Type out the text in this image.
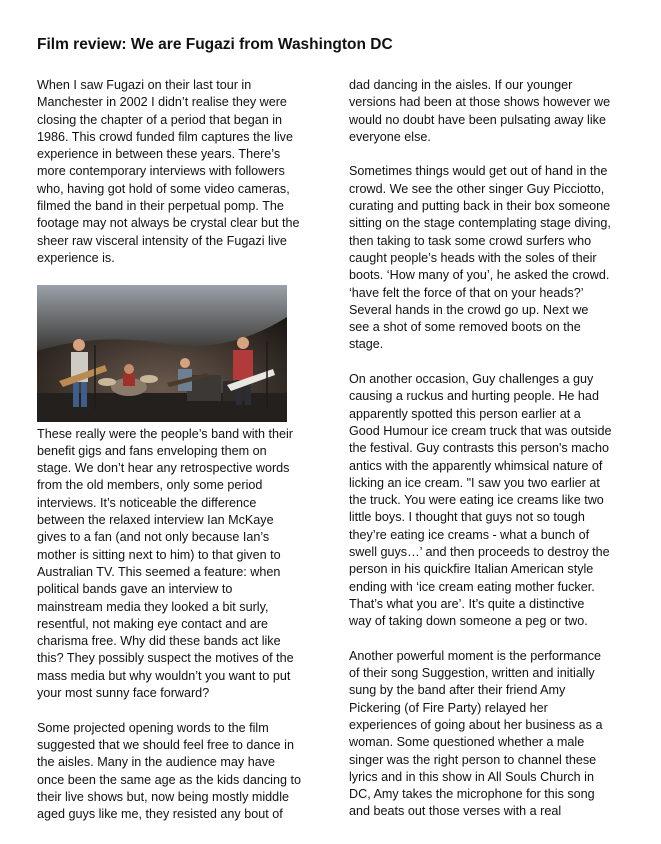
Film review: We are Fugazi from Washington DC

When I saw Fugazi on their last tour in
Manchester in 2002 I didn’t realise they were
closing the chapter of a period that began in
1986. This crowd funded film captures the live
experience in between these years. There’s
more contemporary interviews with followers
who, having got hold of some video cameras,
filmed the band in their perpetual pomp. The
footage may not always be crystal clear but the
sheer raw visceral intensity of the Fugazi live
experience is.

These really were the people’s band with their
benefit gigs and fans enveloping them on
stage. We don’t hear any retrospective words
from the old members, only some period
interviews. It’s noticeable the difference
between the relaxed interview Ian McKaye
gives to a fan (and not only because Ian’s
mother is sitting next to him) to that given to
Australian TV. This seemed a feature: when
political bands gave an interview to
mainstream media they looked a bit surly,
resentful, not making eye contact and are
charisma free. Why did these bands act like
this? They possibly suspect the motives of the
mass media but why wouldn’t you want to put
your most sunny face forward?

Some projected opening words to the film
suggested that we should feel free to dance in
the aisles. Many in the audience may have
once been the same age as the kids dancing to
their live shows but, now being mostly middle
aged guys like me, they resisted any bout of

dad dancing in the aisles. If our younger
versions had been at those shows however we
would no doubt have been pulsating away like
everyone else.

Sometimes things would get out of hand in the
crowd. We see the other singer Guy Picciotto,
curating and putting back in their box someone
sitting on the stage contemplating stage diving,
then taking to task some crowd surfers who
caught people’s heads with the soles of their
boots. ‘How many of you’, he asked the crowd.
‘have felt the force of that on your heads?’
Several hands in the crowd go up. Next we
see a shot of some removed boots on the
stage.

On another occasion, Guy challenges a guy
causing a ruckus and hurting people. He had
apparently spotted this person earlier at a
Good Humour ice cream truck that was outside
the festival. Guy contrasts this person's macho
antics with the apparently whimsical nature of
licking an ice cream. "I saw you two earlier at
the truck. You were eating ice creams like two
little boys. I thought that guys not so tough
they’re eating ice creams - what a bunch of
swell guys…’ and then proceeds to destroy the
person in his quickfire Italian American style
ending with ‘ice cream eating mother fucker.
That’s what you are’. It’s quite a distinctive
way of taking down someone a peg or two.

Another powerful moment is the performance
of their song Suggestion, written and initially
sung by the band after their friend Amy
Pickering (of Fire Party) relayed her
experiences of going about her business as a
woman. Some questioned whether a male
singer was the right person to channel these
lyrics and in this show in All Souls Church in
DC, Amy takes the microphone for this song
and beats out those verses with a real
